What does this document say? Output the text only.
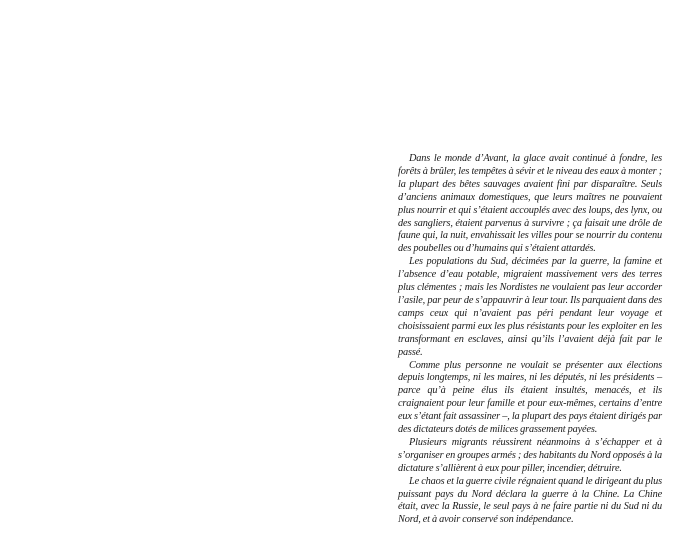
Dans le monde d’Avant, la glace avait continué à fondre, les forêts à brûler, les tempêtes à sévir et le niveau des eaux à monter ; la plupart des bêtes sauvages avaient fini par disparaître. Seuls d’anciens animaux domestiques, que leurs maîtres ne pouvaient plus nourrir et qui s’étaient accouplés avec des loups, des lynx, ou des sangliers, étaient parvenus à survivre ; ça faisait une drôle de faune qui, la nuit, envahissait les villes pour se nourrir du contenu des poubelles ou d’humains qui s’étaient attardés.

Les populations du Sud, décimées par la guerre, la famine et l’absence d’eau potable, migraient massivement vers des terres plus clémentes ; mais les Nordistes ne voulaient pas leur accorder l’asile, par peur de s’appauvrir à leur tour. Ils parquaient dans des camps ceux qui n’avaient pas péri pendant leur voyage et choisissaient parmi eux les plus résistants pour les exploiter en les transformant en esclaves, ainsi qu’ils l’avaient déjà fait par le passé.

Comme plus personne ne voulait se présenter aux élections depuis longtemps, ni les maires, ni les députés, ni les présidents – parce qu’à peine élus ils étaient insultés, menacés, et ils craignaient pour leur famille et pour eux-mêmes, certains d’entre eux s’étant fait assassiner –, la plupart des pays étaient dirigés par des dictateurs dotés de milices grassement payées.

Plusieurs migrants réussirent néanmoins à s’échapper et à s’organiser en groupes armés ; des habitants du Nord opposés à la dictature s’allièrent à eux pour piller, incendier, détruire.

Le chaos et la guerre civile régnaient quand le dirigeant du plus puissant pays du Nord déclara la guerre à la Chine. La Chine était, avec la Russie, le seul pays à ne faire partie ni du Sud ni du Nord, et à avoir conservé son indépendance.
